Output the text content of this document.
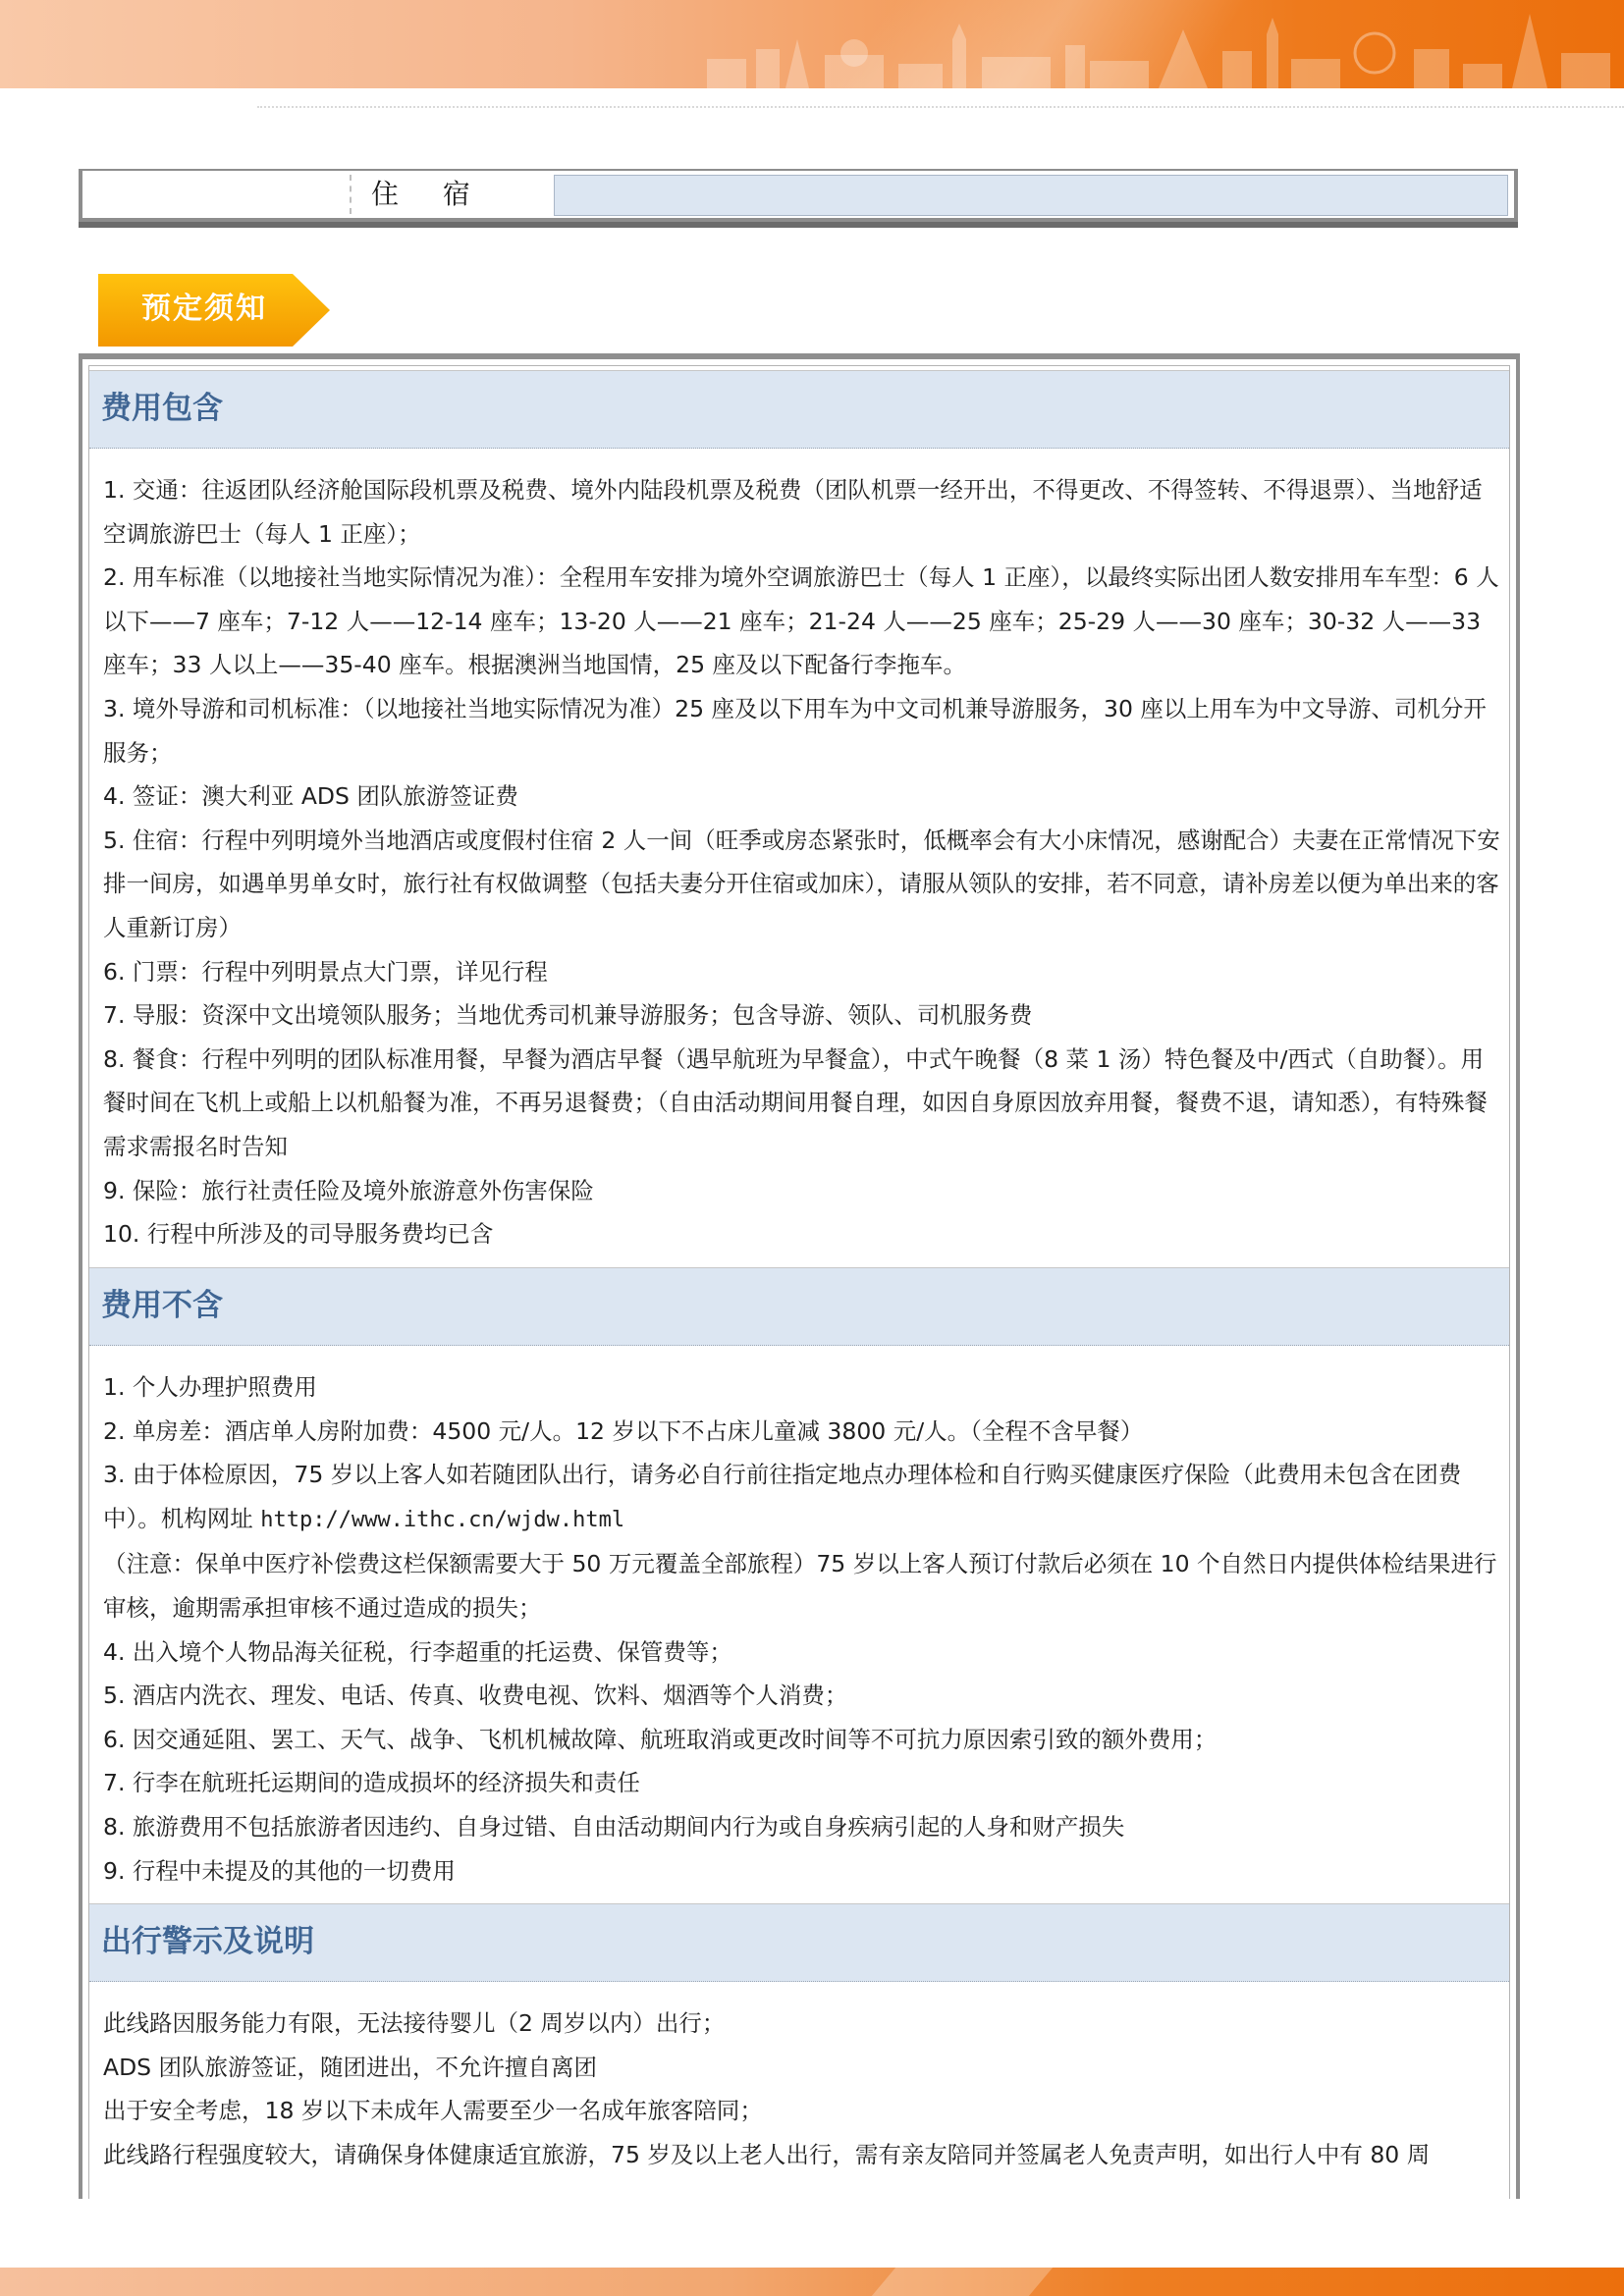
住 宿
预定须知
费用包含

1. 交通：往返团队经济舱国际段机票及税费、境外内陆段机票及税费（团队机票一经开出，不得更改、不得签转、不得退票）、当地舒适空调旅游巴士（每人 1 正座）；

2. 用车标准（以地接社当地实际情况为准）：全程用车安排为境外空调旅游巴士（每人 1 正座），以最终实际出团人数安排用车车型：6 人以下——7 座车；7-12 人——12-14 座车；13-20 人——21 座车；21-24 人——25 座车；25-29 人——30 座车；30-32 人——33 座车；33 人以上——35-40 座车。根据澳洲当地国情，25 座及以下配备行李拖车。

3. 境外导游和司机标准：（以地接社当地实际情况为准）25 座及以下用车为中文司机兼导游服务，30 座以上用车为中文导游、司机分开服务；

4. 签证：澳大利亚 ADS 团队旅游签证费

5. 住宿：行程中列明境外当地酒店或度假村住宿 2 人一间（旺季或房态紧张时，低概率会有大小床情况，感谢配合）夫妻在正常情况下安排一间房，如遇单男单女时，旅行社有权做调整（包括夫妻分开住宿或加床），请服从领队的安排，若不同意，请补房差以便为单出来的客人重新订房）

6. 门票：行程中列明景点大门票，详见行程

7. 导服：资深中文出境领队服务；当地优秀司机兼导游服务；包含导游、领队、司机服务费

8. 餐食：行程中列明的团队标准用餐，早餐为酒店早餐（遇早航班为早餐盒），中式午晚餐（8 菜 1 汤）特色餐及中/西式（自助餐）。用餐时间在飞机上或船上以机船餐为准，不再另退餐费；（自由活动期间用餐自理，如因自身原因放弃用餐，餐费不退，请知悉），有特殊餐需求需报名时告知

9. 保险：旅行社责任险及境外旅游意外伤害保险

10. 行程中所涉及的司导服务费均已含

费用不含

1. 个人办理护照费用

2. 单房差：酒店单人房附加费：4500 元/人。12 岁以下不占床儿童减 3800 元/人。（全程不含早餐）

3. 由于体检原因，75 岁以上客人如若随团队出行，请务必自行前往指定地点办理体检和自行购买健康医疗保险（此费用未包含在团费中）。机构网址 http://www.ithc.cn/wjdw.html

（注意：保单中医疗补偿费这栏保额需要大于 50 万元覆盖全部旅程）75 岁以上客人预订付款后必须在 10 个自然日内提供体检结果进行审核，逾期需承担审核不通过造成的损失；

4. 出入境个人物品海关征税，行李超重的托运费、保管费等；

5. 酒店内洗衣、理发、电话、传真、收费电视、饮料、烟酒等个人消费；

6. 因交通延阻、罢工、天气、战争、飞机机械故障、航班取消或更改时间等不可抗力原因索引致的额外费用；

7. 行李在航班托运期间的造成损坏的经济损失和责任

8. 旅游费用不包括旅游者因违约、自身过错、自由活动期间内行为或自身疾病引起的人身和财产损失

9. 行程中未提及的其他的一切费用

出行警示及说明

此线路因服务能力有限，无法接待婴儿（2 周岁以内）出行；

ADS 团队旅游签证，随团进出，不允许擅自离团

出于安全考虑，18 岁以下未成年人需要至少一名成年旅客陪同；

此线路行程强度较大，请确保身体健康适宜旅游，75 岁及以上老人出行，需有亲友陪同并签属老人免责声明，如出行人中有 80 周
